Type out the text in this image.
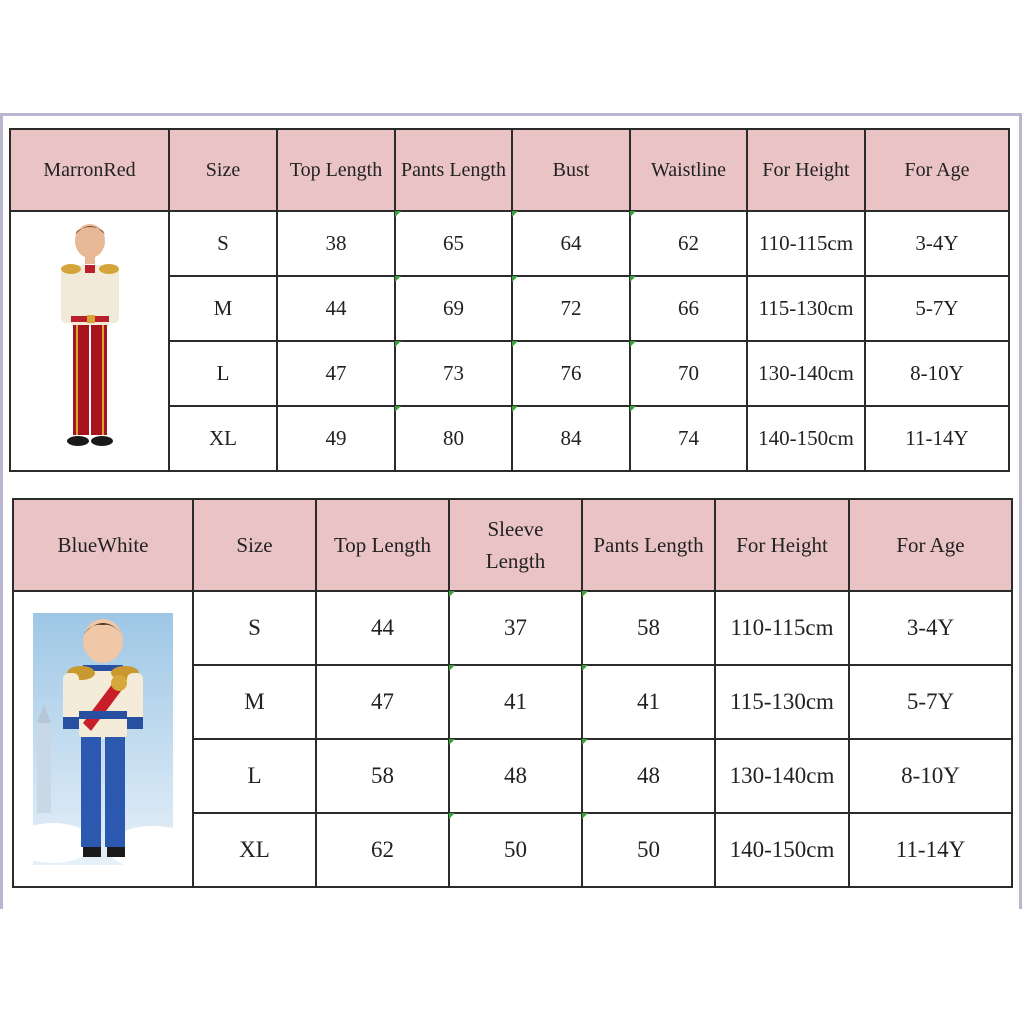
MarronRed	Size	Top Length	Pants Length	Bust	Waistline	For Height	For Age

	S	38	65	64	62	110-115cm	3-4Y
	M	44	69	72	66	115-130cm	5-7Y
	L	47	73	76	70	130-140cm	8-10Y
	XL	49	80	84	74	140-150cm	11-14Y
BlueWhite	Size	Top Length	Sleeve Length	Pants Length	For Height	For Age

	S	44	37	58	110-115cm	3-4Y
	M	47	41	41	115-130cm	5-7Y
	L	58	48	48	130-140cm	8-10Y
	XL	62	50	50	140-150cm	11-14Y
